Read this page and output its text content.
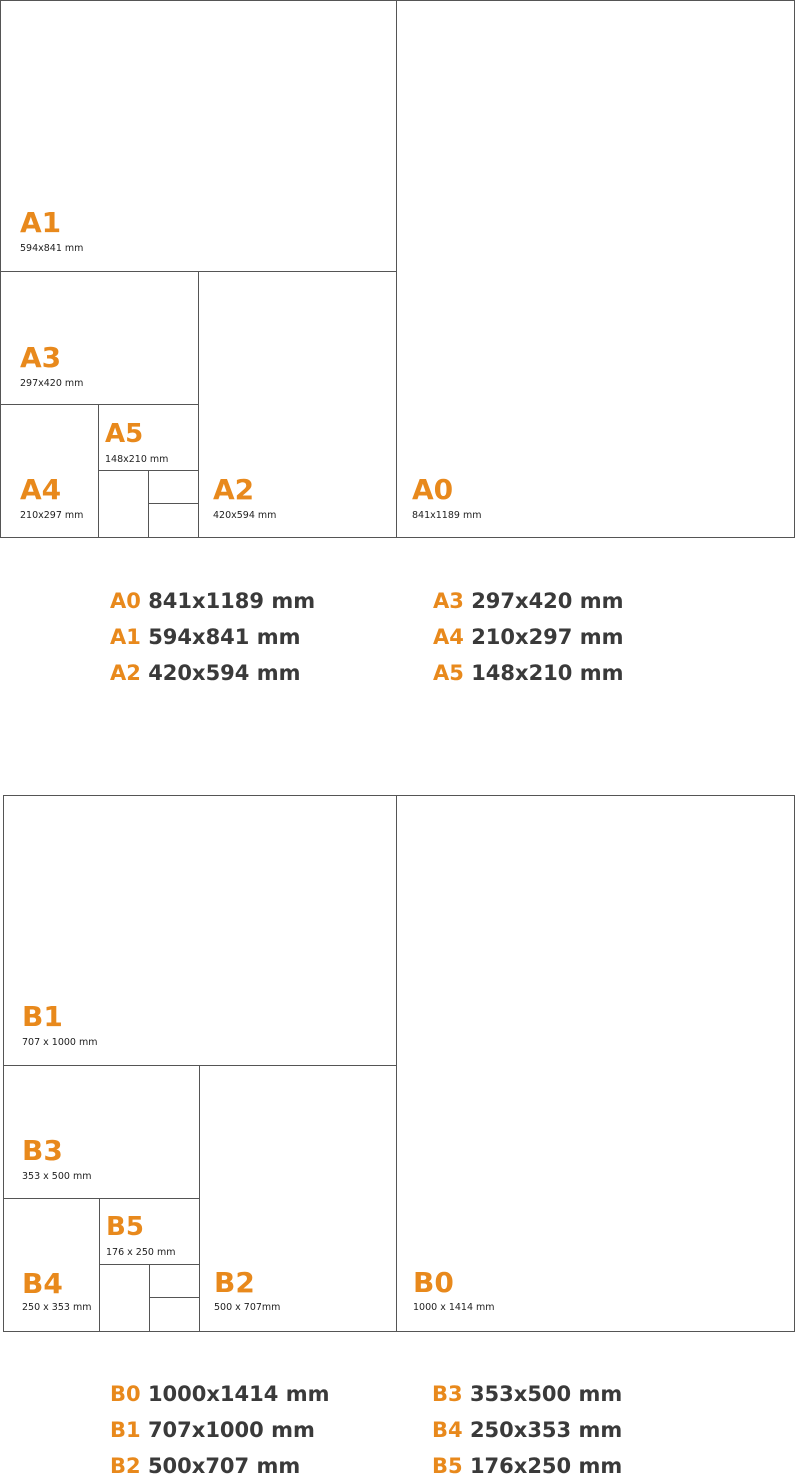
A0
841x1189 mm
A1
594x841 mm
A2
420x594 mm
A3
297x420 mm
A4
210x297 mm
A5
148x210 mm
A0 841x1189 mm
A1 594x841 mm
A2 420x594 mm
A3 297x420 mm
A4 210x297 mm
A5 148x210 mm
B0
1000 x 1414 mm
B1
707 x 1000 mm
B2
500 x 707mm
B3
353 x 500 mm
B4
250 x 353 mm
B5
176 x 250 mm
B0 1000x1414 mm
B1 707x1000 mm
B2 500x707 mm
B3 353x500 mm
B4 250x353 mm
B5 176x250 mm
